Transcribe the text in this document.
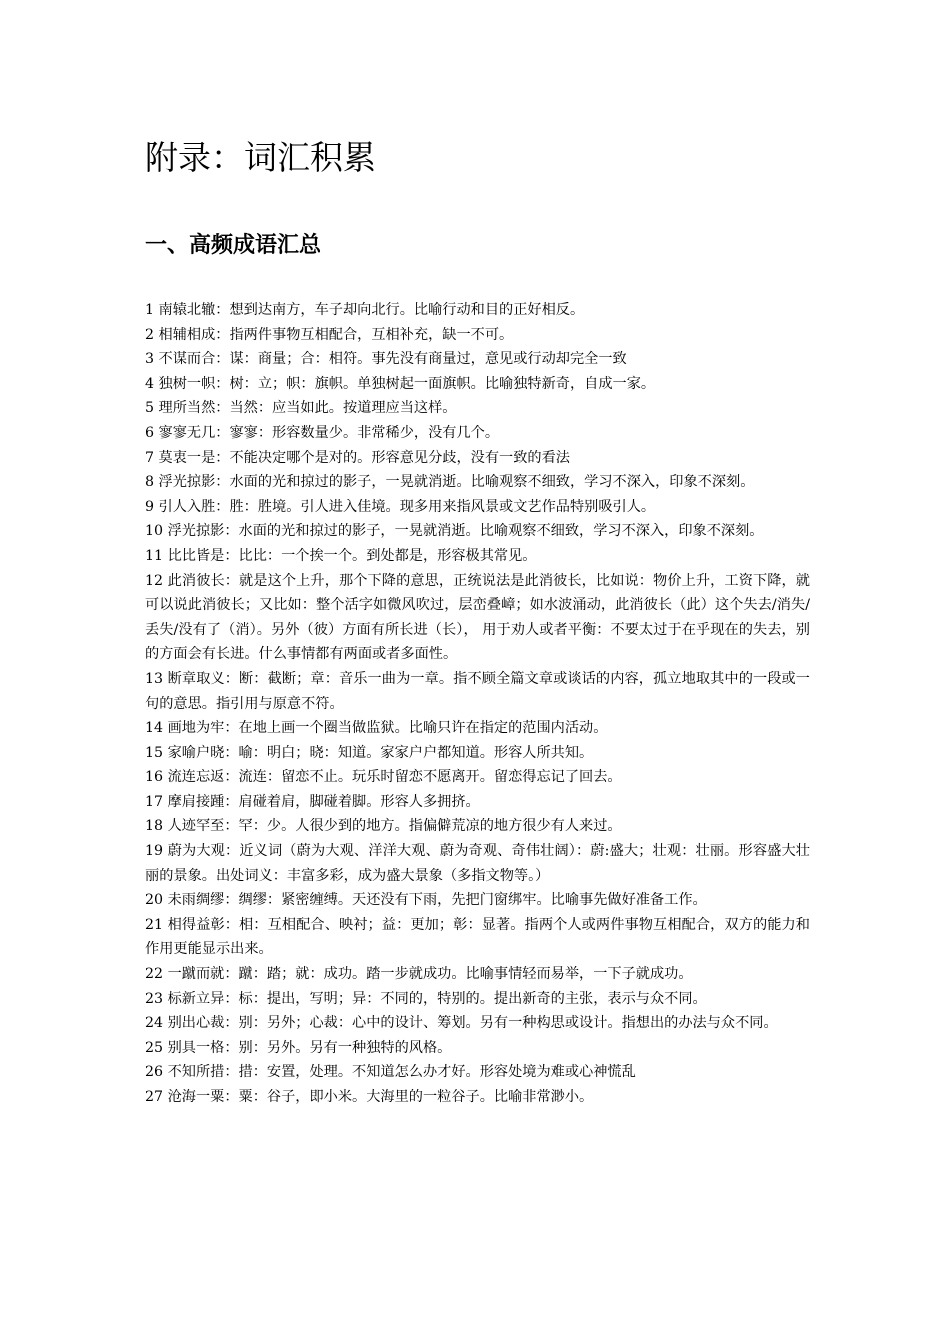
附录：词汇积累
一、高频成语汇总
1 南辕北辙：想到达南方，车子却向北行。比喻行动和目的正好相反。
2 相辅相成：指两件事物互相配合，互相补充，缺一不可。
3 不谋而合：谋：商量；合：相符。事先没有商量过，意见或行动却完全一致
4 独树一帜：树：立；帜：旗帜。单独树起一面旗帜。比喻独特新奇，自成一家。
5 理所当然：当然：应当如此。按道理应当这样。
6 寥寥无几：寥寥：形容数量少。非常稀少，没有几个。
7 莫衷一是：不能决定哪个是对的。形容意见分歧，没有一致的看法
8 浮光掠影：水面的光和掠过的影子，一晃就消逝。比喻观察不细致，学习不深入，印象不深刻。
9 引人入胜：胜：胜境。引人进入佳境。现多用来指风景或文艺作品特别吸引人。
10 浮光掠影：水面的光和掠过的影子，一晃就消逝。比喻观察不细致，学习不深入，印象不深刻。
11 比比皆是：比比：一个挨一个。到处都是，形容极其常见。
12 此消彼长：就是这个上升，那个下降的意思，正统说法是此消彼长，比如说：物价上升，工资下降，就可以说此消彼长；又比如：整个活字如微风吹过，层峦叠嶂；如水波涌动，此消彼长（此）这个失去/消失/丢失/没有了（消）。另外（彼）方面有所长进（长）， 用于劝人或者平衡：不要太过于在乎现在的失去，别的方面会有长进。什么事情都有两面或者多面性。
13 断章取义：断：截断；章：音乐一曲为一章。指不顾全篇文章或谈话的内容，孤立地取其中的一段或一句的意思。指引用与原意不符。
14 画地为牢：在地上画一个圈当做监狱。比喻只许在指定的范围内活动。
15 家喻户晓：喻：明白；晓：知道。家家户户都知道。形容人所共知。
16 流连忘返：流连：留恋不止。玩乐时留恋不愿离开。留恋得忘记了回去。
17 摩肩接踵：肩碰着肩，脚碰着脚。形容人多拥挤。
18 人迹罕至：罕：少。人很少到的地方。指偏僻荒凉的地方很少有人来过。
19 蔚为大观：近义词（蔚为大观、洋洋大观、蔚为奇观、奇伟壮阔）：蔚:盛大；壮观：壮丽。形容盛大壮丽的景象。出处词义：丰富多彩，成为盛大景象（多指文物等。）
20 未雨绸缪：绸缪：紧密缠缚。天还没有下雨，先把门窗绑牢。比喻事先做好准备工作。
21 相得益彰：相：互相配合、映衬；益：更加；彰：显著。指两个人或两件事物互相配合，双方的能力和作用更能显示出来。
22 一蹴而就：蹴：踏；就：成功。踏一步就成功。比喻事情轻而易举，一下子就成功。
23 标新立异：标：提出，写明；异：不同的，特别的。提出新奇的主张，表示与众不同。
24 别出心裁：别：另外；心裁：心中的设计、筹划。另有一种构思或设计。指想出的办法与众不同。
25 别具一格：别：另外。另有一种独特的风格。
26 不知所措：措：安置，处理。不知道怎么办才好。形容处境为难或心神慌乱
27 沧海一粟：粟：谷子，即小米。大海里的一粒谷子。比喻非常渺小。
